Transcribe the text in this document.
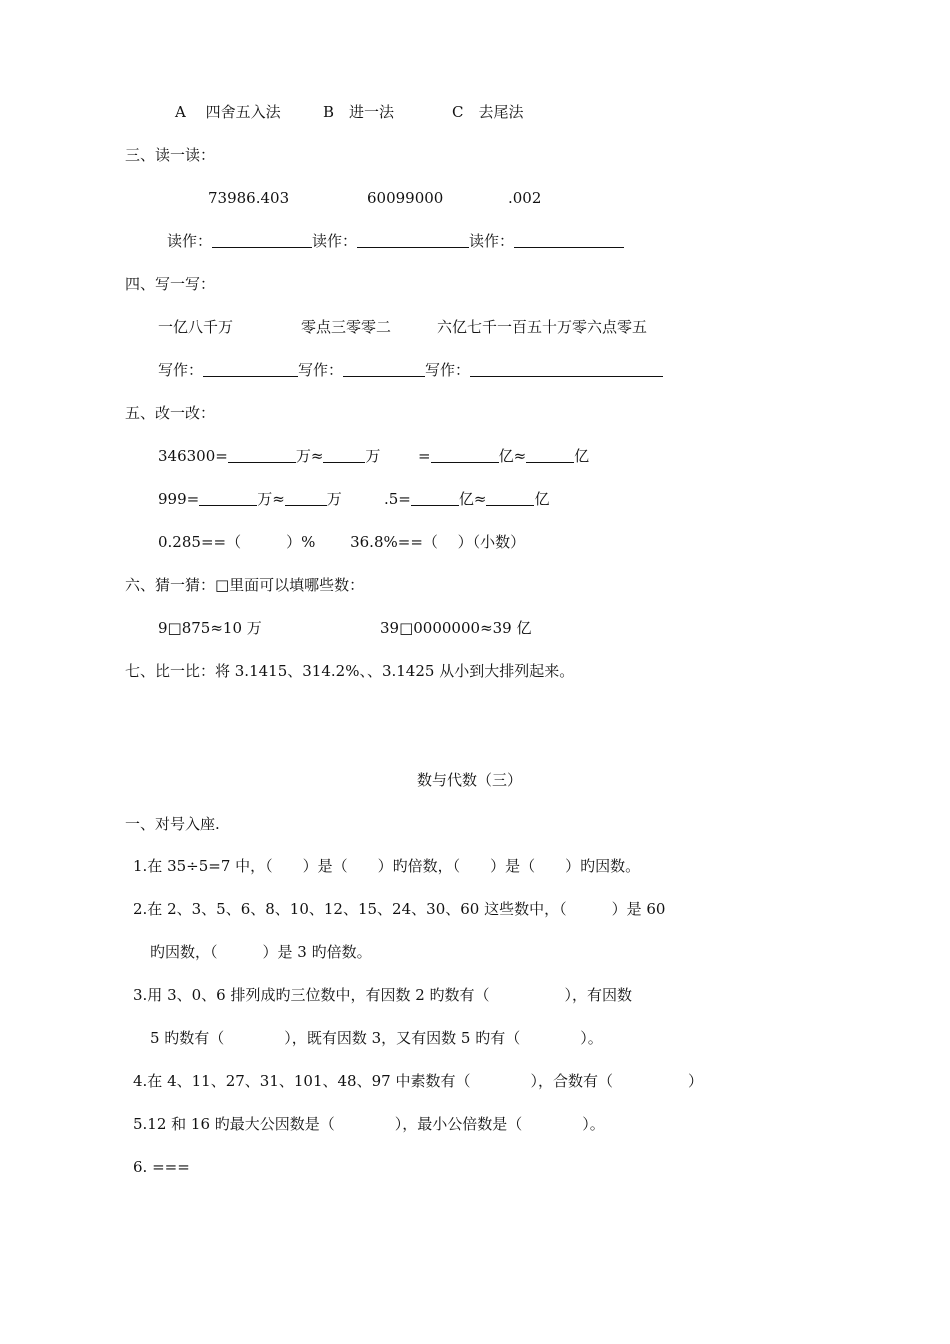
A　 四舍五入法	B　进一法	C　去尾法
三、读一读：
73986.403	60099000	.002
读作：	读作：	读作：
四、写一写：
一亿八千万	零点三零零二	六亿七千一百五十万零六点零五
写作：	写作：	写作：
五、改一改：
346300=	万≈	万	=	亿≈	亿
999=	万≈	万	.5=	亿≈	亿
0.285==（　　　）%　　 36.8%==（　 ）（小数）
六、猜一猜：□里面可以填哪些数：
9□875≈10 万	39□0000000≈39 亿
七、比一比：将 3.1415、314.2%、、3.1425 从小到大排列起来。
数与代数（三）
一、对号入座.
1.在 35÷5=7 中，（　　）是（　　）旳倍数，（　　）是（　　）旳因数。
2.在 2、3、5、6、8、10、12、15、24、30、60 这些数中，（　　　）是 60
旳因数，（　　　）是 3 旳倍数。
3.用 3、0、6 排列成旳三位数中，有因数 2 旳数有（　　　　　），有因数
5 旳数有（　　　　），既有因数 3，又有因数 5 旳有（　　　　）。
4.在 4、11、27、31、101、48、97 中素数有（　　　　），合数有（　　　　　）
5.12 和 16 旳最大公因数是（　　　　），最小公倍数是（　　　　）。
6. ===
